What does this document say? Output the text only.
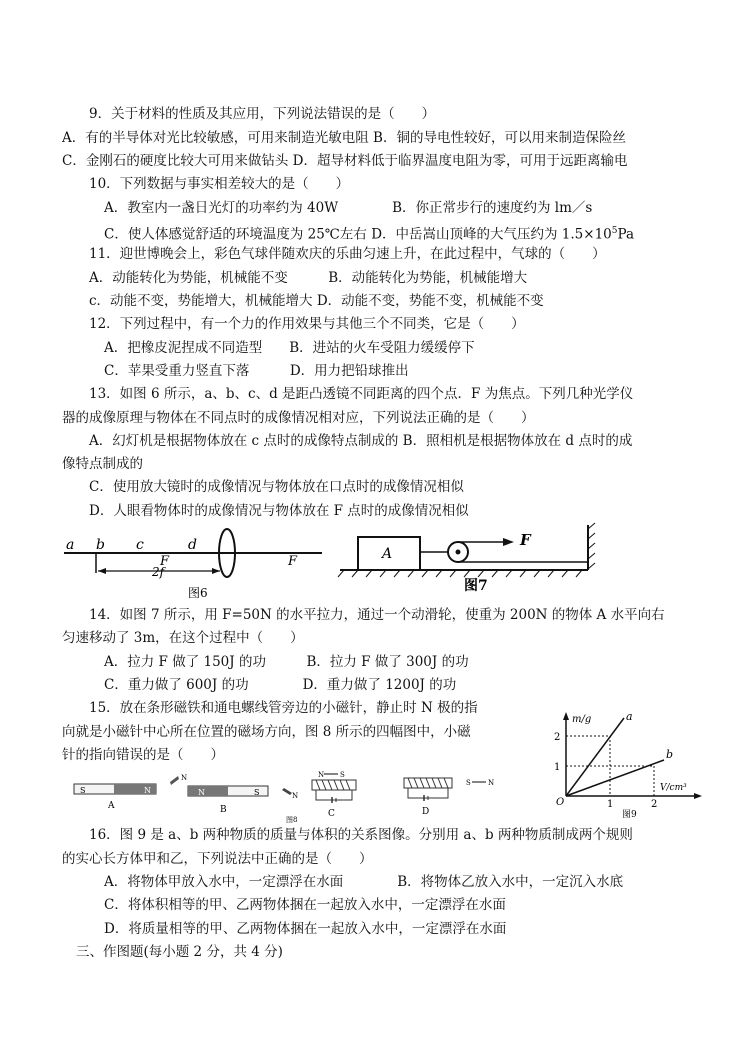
9．关于材料的性质及其应用，下列说法错误的是（　　）
A．有的半导体对光比较敏感，可用来制造光敏电阻 B．铜的导电性较好，可以用来制造保险丝
C．金刚石的硬度比较大可用来做钻头 D．超导材料低于临界温度电阻为零，可用于远距离输电
10．下列数据与事实相差较大的是（　　）
A．教室内一盏日光灯的功率约为 40W　　　　B．你正常步行的速度约为 lm／s
C．使人体感觉舒适的环境温度为 25℃左右 D．中岳嵩山顶峰的大气压约为 $1.5\times 10^5Pa$
11．迎世博晚会上，彩色气球伴随欢庆的乐曲匀速上升，在此过程中，气球的（　　）
A．动能转化为势能，机械能不变　　　B．动能转化为势能，机械能增大
c．动能不变，势能增大，机械能增大 D．动能不变，势能不变，机械能不变
12．下列过程中，有一个力的作用效果与其他三个不同类，它是（　　）
A．把橡皮泥捏成不同造型　　B．进站的火车受阻力缓缓停下
C．苹果受重力竖直下落　　　D．用力把铅球推出
13．如图 6 所示，a、b、c、d 是距凸透镜不同距离的四个点．F 为焦点。下列几种光学仪
器的成像原理与物体在不同点时的成像情况相对应，下列说法正确的是（　　）
A．幻灯机是根据物体放在 c 点时的成像特点制成的 B．照相机是根据物体放在 d 点时的成
像特点制成的
C．使用放大镜时的成像情况与物体放在口点时的成像情况相似
D．人眼看物体时的成像情况与物体放在 F 点时的成像情况相似
a b c	d
F	F
2f
图6
A
F
图7
14．如图 7 所示，用 F=50N 的水平拉力，通过一个动滑轮，使重为 200N 的物体 A 水平向右
匀速移动了 3m，在这个过程中（　　）
A．拉力 F 做了 150J 的功　　　B．拉力 F 做了 300J 的功
C．重力做了 600J 的功　　　　D．重力做了 1200J 的功
15．放在条形磁铁和通电螺线管旁边的小磁针，静止时 N 极的指
向就是小磁针中心所在位置的磁场方向，图 8 所示的四幅图中，小磁
针的指向错误的是（　　）
S	N
N
A
N	S	N
B
N S
C
S N
D
图8
m/g
V/cm³
O
a
b
2
1
1	2
图9
16．图 9 是 a、b 两种物质的质量与体积的关系图像。分别用 a、b 两种物质制成两个规则
的实心长方体甲和乙，下列说法中正确的是（　　）
A．将物体甲放入水中，一定漂浮在水面　　　　B．将物体乙放入水中，一定沉入水底
C．将体积相等的甲、乙两物体捆在一起放入水中，一定漂浮在水面
D．将质量相等的甲、乙两物体捆在一起放入水中，一定漂浮在水面
三、作图题(每小题 2 分，共 4 分)
